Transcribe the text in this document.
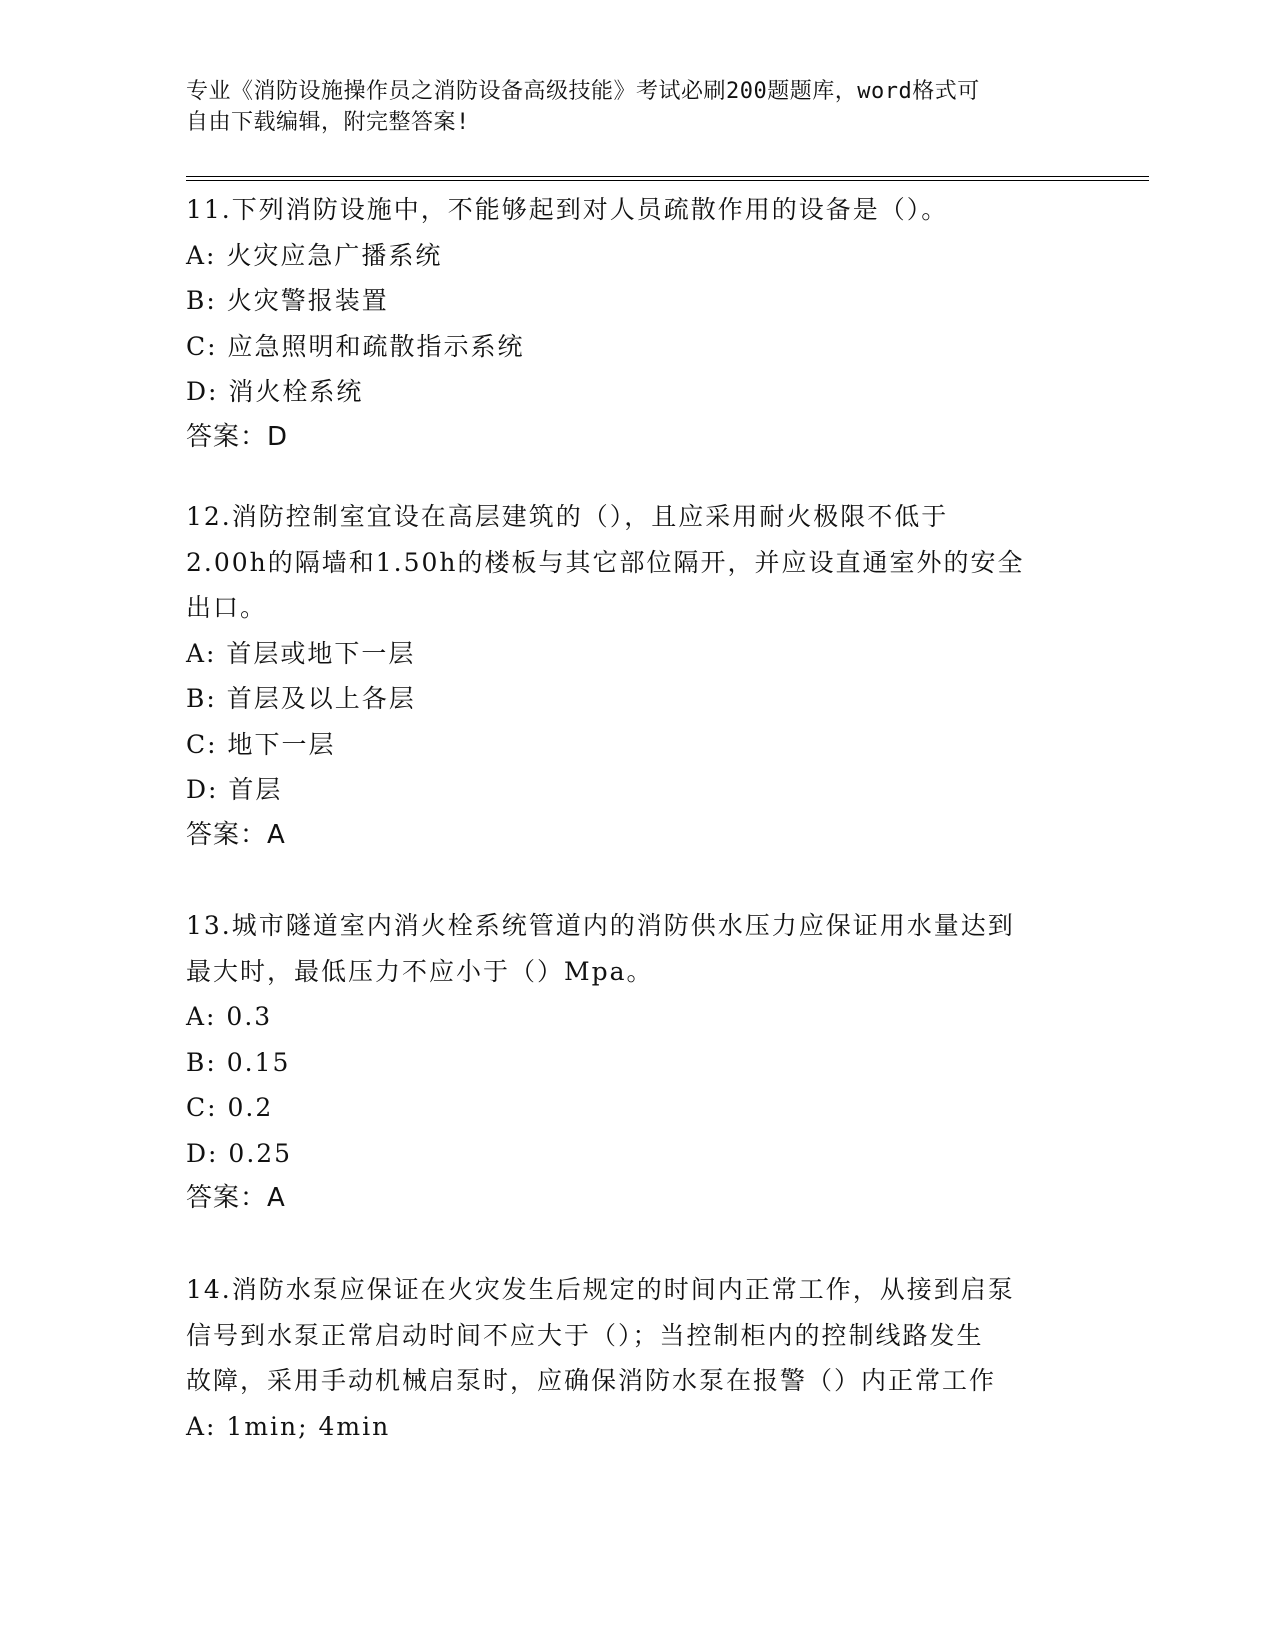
专业《消防设施操作员之消防设备高级技能》考试必刷200题题库，word格式可
自由下载编辑，附完整答案!
11.下列消防设施中，不能够起到对人员疏散作用的设备是（）。
A: 火灾应急广播系统
B: 火灾警报装置
C: 应急照明和疏散指示系统
D: 消火栓系统
答案：D
12.消防控制室宜设在高层建筑的（），且应采用耐火极限不低于
2.00h的隔墙和1.50h的楼板与其它部位隔开，并应设直通室外的安全
出口。
A: 首层或地下一层
B: 首层及以上各层
C: 地下一层
D: 首层
答案：A
13.城市隧道室内消火栓系统管道内的消防供水压力应保证用水量达到
最大时，最低压力不应小于（）Mpa。
A: 0.3
B: 0.15
C: 0.2
D: 0.25
答案：A
14.消防水泵应保证在火灾发生后规定的时间内正常工作，从接到启泵
信号到水泵正常启动时间不应大于（）；当控制柜内的控制线路发生
故障，采用手动机械启泵时，应确保消防水泵在报警（）内正常工作
A: 1min; 4min
